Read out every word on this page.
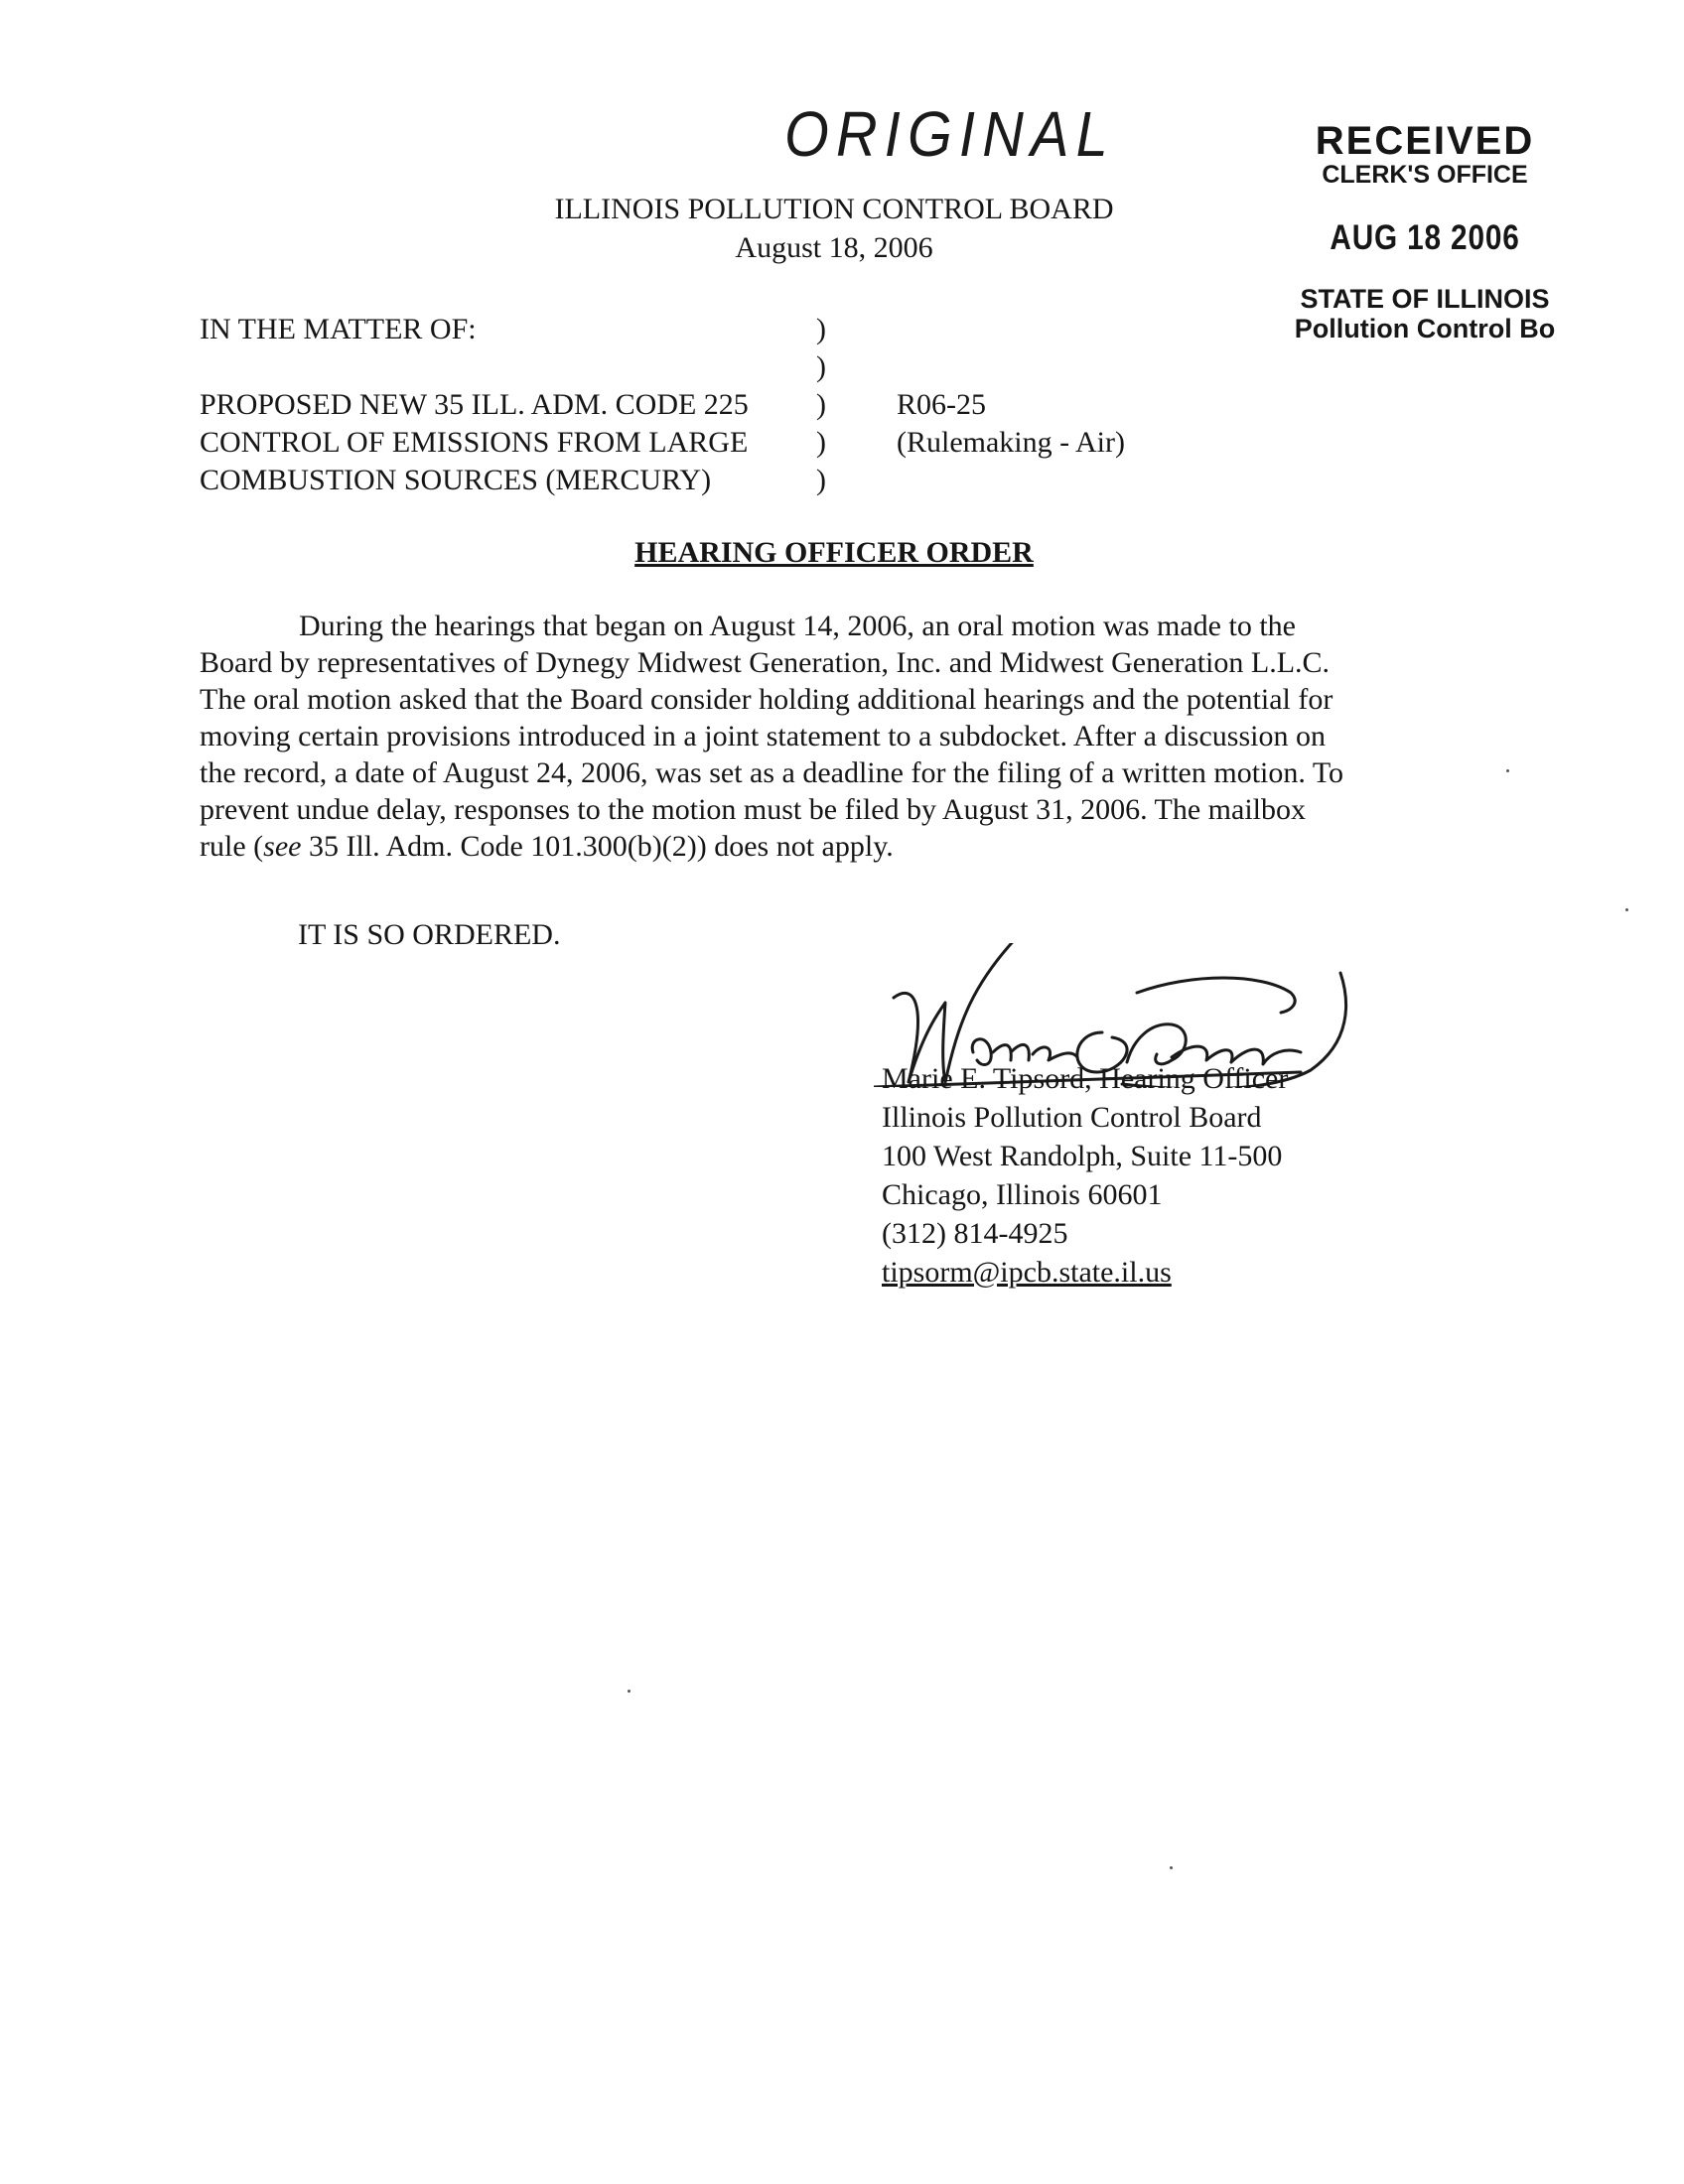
ORIGINAL	RECEIVED
CLERK'S OFFICE
AUG 18 2006
STATE OF ILLINOIS
Pollution Control Bo
ILLINOIS POLLUTION CONTROL BOARD
August 18, 2006
IN THE MATTER OF:
PROPOSED NEW 35 ILL. ADM. CODE 225
CONTROL OF EMISSIONS FROM LARGE
COMBUSTION SOURCES (MERCURY)
)
)
)
)
)
R06-25
(Rulemaking - Air)
HEARING OFFICER ORDER
During the hearings that began on August 14, 2006, an oral motion was made to the
Board by representatives of Dynegy Midwest Generation, Inc. and Midwest Generation L.L.C.
The oral motion asked that the Board consider holding additional hearings and the potential for
moving certain provisions introduced in a joint statement to a subdocket. After a discussion on
the record, a date of August 24, 2006, was set as a deadline for the filing of a written motion. To
prevent undue delay, responses to the motion must be filed by August 31, 2006. The mailbox
rule (see 35 Ill. Adm. Code 101.300(b)(2)) does not apply.
IT IS SO ORDERED.
Marie E. Tipsord, Hearing Officer
Illinois Pollution Control Board
100 West Randolph, Suite 11-500
Chicago, Illinois 60601
(312) 814-4925
tipsorm@ipcb.state.il.us
